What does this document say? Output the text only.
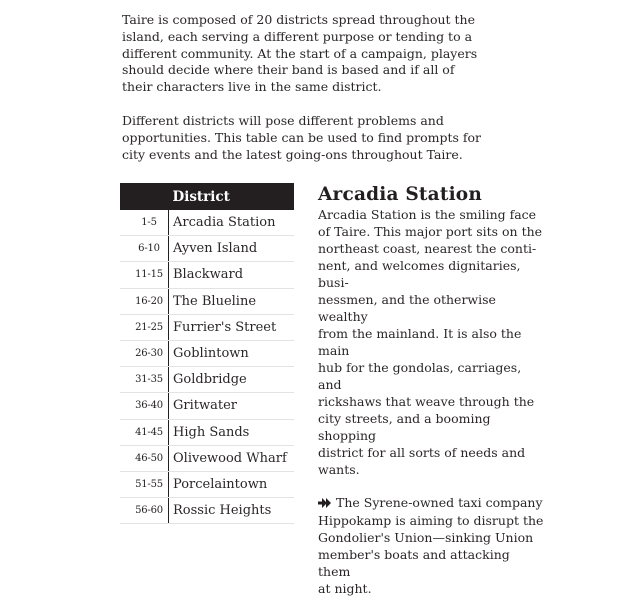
Taire is composed of 20 districts spread throughout the
island, each serving a different purpose or tending to a
different community. At the start of a campaign, players
should decide where their band is based and if all of
their characters live in the same district.

Different districts will pose different problems and
opportunities. This table can be used to find prompts for
city events and the latest going-ons throughout Taire.

	District
1-5	Arcadia Station
6-10	Ayven Island
11-15	Blackward
16-20	The Blueline
21-25	Furrier's Street
26-30	Goblintown
31-35	Goldbridge
36-40	Gritwater
41-45	High Sands
46-50	Olivewood Wharf
51-55	Porcelaintown
56-60	Rossic Heights
Arcadia Station

Arcadia Station is the smiling face
of Taire. This major port sits on the
northeast coast, nearest the conti-
nent, and welcomes dignitaries, busi-
nessmen, and the otherwise wealthy
from the mainland. It is also the main
hub for the gondolas, carriages, and
rickshaws that weave through the
city streets, and a booming shopping
district for all sorts of needs and
wants.

The Syrene-owned taxi company
Hippokamp is aiming to disrupt the
Gondolier's Union—sinking Union
member's boats and attacking them
at night.
